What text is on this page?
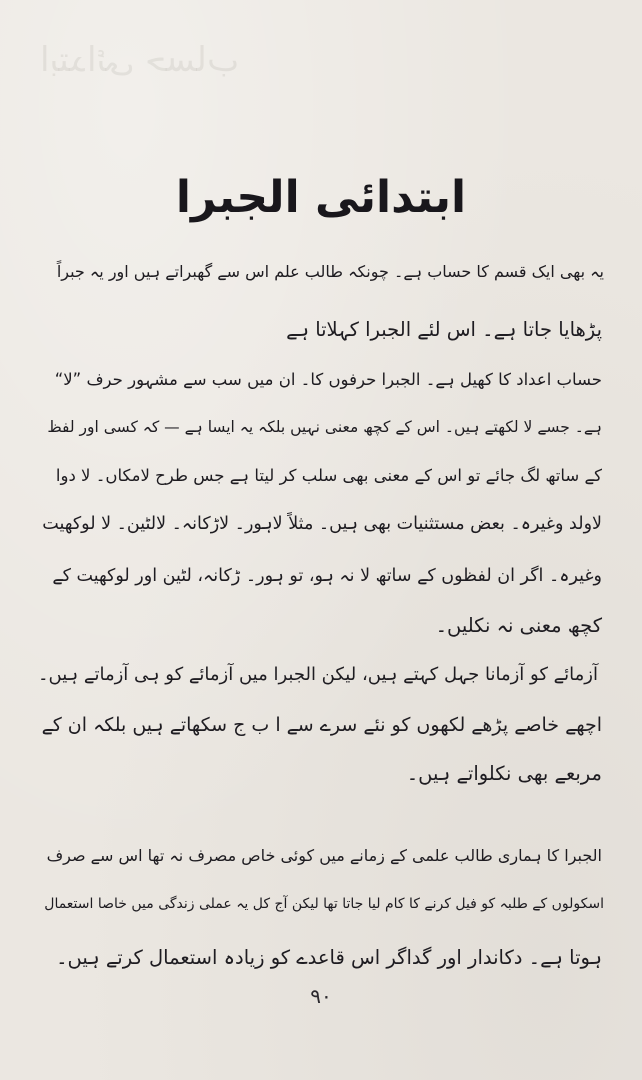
ابتدائی حساب
ابتدائی الجبرا
یہ بھی ایک قسم کا حساب ہے۔ چونکہ طالب علم اس سے گھبراتے ہیں اور یہ جبراً
پڑھایا جاتا ہے۔ اس لئے الجبرا کہلاتا ہے
حساب اعداد کا کھیل ہے۔ الجبرا حرفوں کا۔ ان میں سب سے مشہور حرف ”لا“
ہے۔ جسے لا لکھتے ہیں۔ اس کے کچھ معنی نہیں بلکہ یہ ایسا ہے — کہ کسی اور لفظ
کے ساتھ لگ جائے تو اس کے معنی بھی سلب کر لیتا ہے جس طرح لامکاں۔ لا دوا
لاولد وغیرہ۔ بعض مستثنیات بھی ہیں۔ مثلاً لاہور۔ لاڑکانہ۔ لالٹین۔ لا لوکھیت
وغیرہ۔ اگر ان لفظوں کے ساتھ لا نہ ہو، تو ہور۔ ڑکانہ، لٹین اور لوکھیت کے
کچھ معنی نہ نکلیں۔
آزمائے کو آزمانا جہل کہتے ہیں، لیکن الجبرا میں آزمائے کو ہی آزماتے ہیں۔
اچھے خاصے پڑھے لکھوں کو نئے سرے سے ا ب ج سکھاتے ہیں بلکہ ان کے
مربعے بھی نکلواتے ہیں۔
الجبرا کا ہماری طالب علمی کے زمانے میں کوئی خاص مصرف نہ تھا اس سے صرف
اسکولوں کے طلبہ کو فیل کرنے کا کام لیا جاتا تھا لیکن آج کل یہ عملی زندگی میں خاصا استعمال
ہوتا ہے۔ دکاندار اور گداگر اس قاعدے کو زیادہ استعمال کرتے ہیں۔
۹۰
